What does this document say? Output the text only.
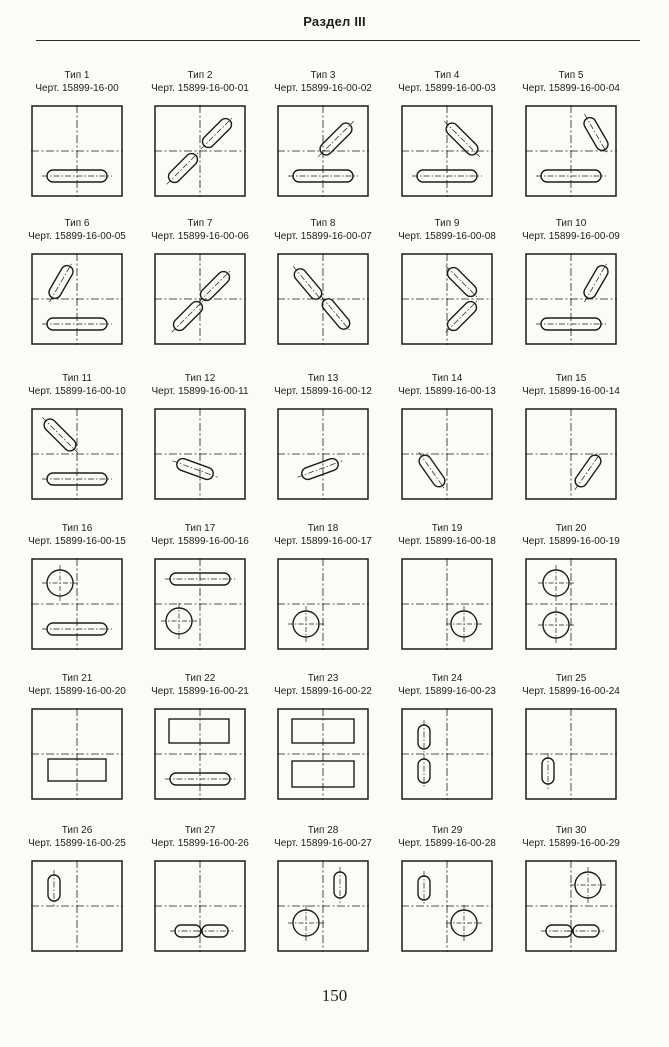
Раздел III
Тип 1
Черт. 15899-16-00
Тип 2
Черт. 15899-16-00-01
Тип 3
Черт. 15899-16-00-02
Тип 4
Черт. 15899-16-00-03
Тип 5
Черт. 15899-16-00-04
Тип 6
Черт. 15899-16-00-05
Тип 7
Черт. 15899-16-00-06
Тип 8
Черт. 15899-16-00-07
Тип 9
Черт. 15899-16-00-08
Тип 10
Черт. 15899-16-00-09
Тип 11
Черт. 15899-16-00-10
Тип 12
Черт. 15899-16-00-11
Тип 13
Черт. 15899-16-00-12
Тип 14
Черт. 15899-16-00-13
Тип 15
Черт. 15899-16-00-14
Тип 16
Черт. 15899-16-00-15
Тип 17
Черт. 15899-16-00-16
Тип 18
Черт. 15899-16-00-17
Тип 19
Черт. 15899-16-00-18
Тип 20
Черт. 15899-16-00-19
Тип 21
Черт. 15899-16-00-20
Тип 22
Черт. 15899-16-00-21
Тип 23
Черт. 15899-16-00-22
Тип 24
Черт. 15899-16-00-23
Тип 25
Черт. 15899-16-00-24
Тип 26
Черт. 15899-16-00-25
Тип 27
Черт. 15899-16-00-26
Тип 28
Черт. 15899-16-00-27
Тип 29
Черт. 15899-16-00-28
Тип 30
Черт. 15899-16-00-29
150
